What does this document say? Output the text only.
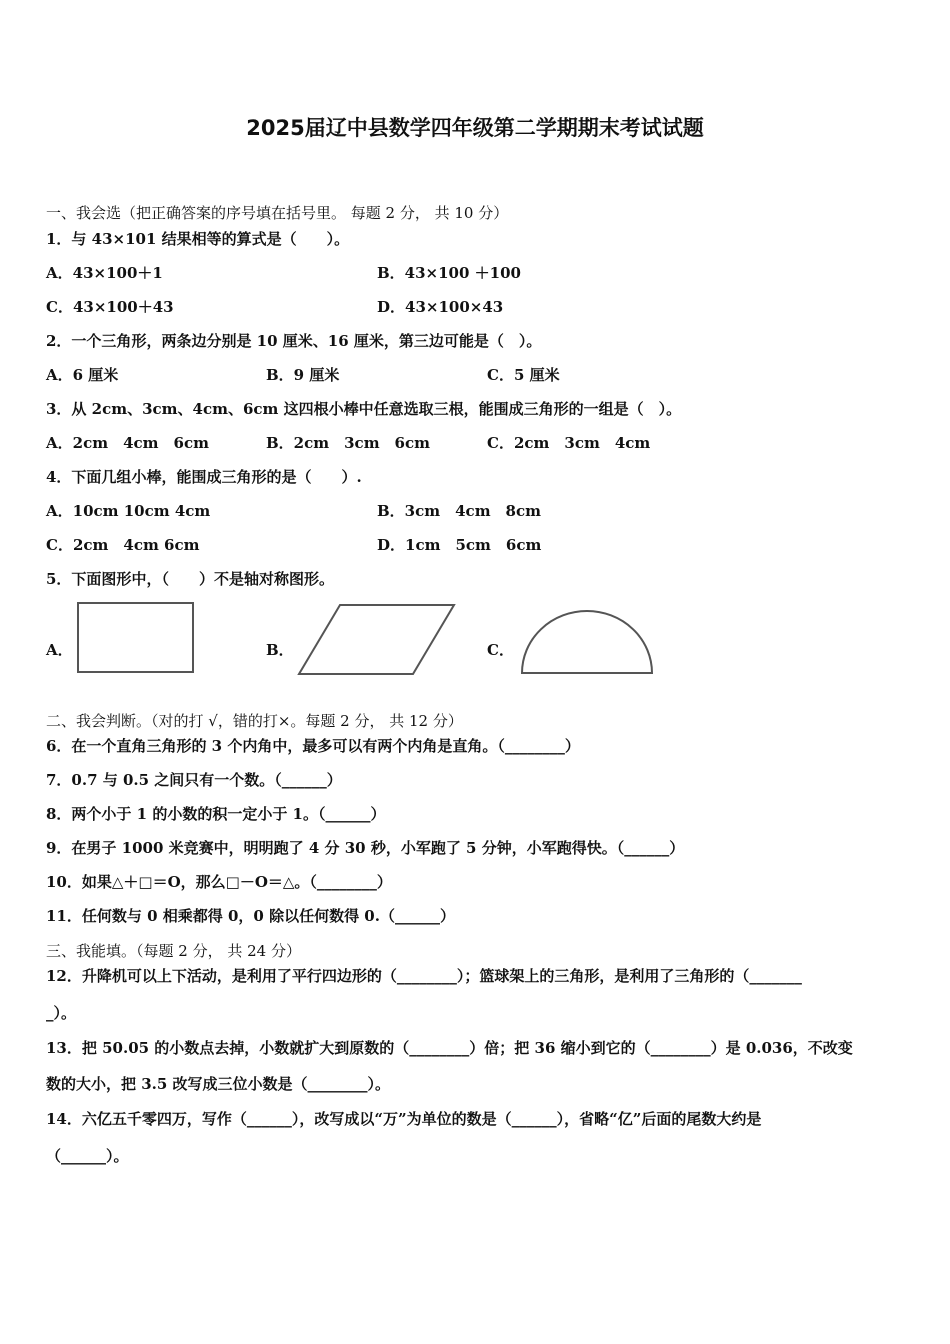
2025届辽中县数学四年级第二学期期末考试试题
一、我会选（把正确答案的序号填在括号里。 每题 2 分， 共 10 分）
1．与 43×101 结果相等的算式是（　　）。
A．43×100＋1	B．43×100 ＋100
C．43×100＋43	D．43×100×43
2．一个三角形，两条边分别是 10 厘米、16 厘米，第三边可能是（　）。
A．6 厘米	B．9 厘米	C．5 厘米
3．从 2cm、3cm、4cm、6cm 这四根小棒中任意选取三根，能围成三角形的一组是（　）。
A．2cm　4cm　6cm	B．2cm　3cm　6cm	C．2cm　3cm　4cm
4．下面几组小棒，能围成三角形的是（　　）.
A．10cm 10cm 4cm	B．3cm　4cm　8cm
C．2cm　4cm 6cm	D．1cm　5cm　6cm
5．下面图形中，（　　）不是轴对称图形。
A．	B．	C．
二、我会判断。（对的打 √，错的打×。每题 2 分， 共 12 分）
6．在一个直角三角形的 3 个内角中，最多可以有两个内角是直角。（________）
7．0.7 与 0.5 之间只有一个数。（______）
8．两个小于 1 的小数的积一定小于 1。（______）
9．在男子 1000 米竞赛中，明明跑了 4 分 30 秒，小军跑了 5 分钟，小军跑得快。（______）
10．如果△＋□＝O，那么□－O＝△。（________）
11．任何数与 0 相乘都得 0，0 除以任何数得 0.（______）
三、我能填。（每题 2 分， 共 24 分）
12．升降机可以上下活动，是利用了平行四边形的（________）；篮球架上的三角形，是利用了三角形的（_______
_）。
13．把 50.05 的小数点去掉，小数就扩大到原数的（________）倍；把 36 缩小到它的（________）是 0.036，不改变
数的大小，把 3.5 改写成三位小数是（________）。
14．六亿五千零四万，写作（______），改写成以“万”为单位的数是（______），省略“亿”后面的尾数大约是
（______）。
